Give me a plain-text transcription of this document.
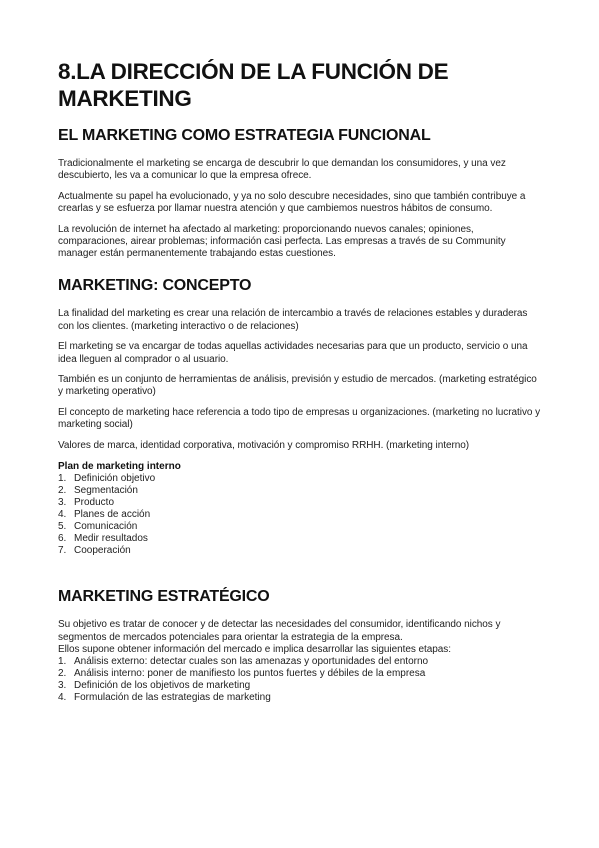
8.LA DIRECCIÓN DE LA FUNCIÓN DE MARKETING
EL MARKETING COMO ESTRATEGIA FUNCIONAL

Tradicionalmente el marketing se encarga de descubrir lo que demandan los consumidores, y una vez descubierto, les va a comunicar lo que la empresa ofrece.

Actualmente su papel ha evolucionado, y ya no solo descubre necesidades, sino que también contribuye a crearlas y se esfuerza por llamar nuestra atención y que cambiemos nuestros hábitos de consumo.

La revolución de internet ha afectado al marketing: proporcionando nuevos canales; opiniones, comparaciones, airear problemas; información casi perfecta. Las empresas a través de su Community manager están permanentemente trabajando estas cuestiones.

MARKETING: CONCEPTO

La finalidad del marketing es crear una relación de intercambio a través de relaciones estables y duraderas con los clientes. (marketing interactivo o de relaciones)

El marketing se va encargar de todas aquellas actividades necesarias para que un producto, servicio o una idea lleguen al comprador o al usuario.

También es un conjunto de herramientas de análisis, previsión y estudio de mercados. (marketing estratégico y marketing operativo)

El concepto de marketing hace referencia a todo tipo de empresas u organizaciones. (marketing no lucrativo y marketing social)

Valores de marca, identidad corporativa, motivación y compromiso RRHH. (marketing interno)

Plan de marketing interno
1. Definición objetivo
2. Segmentación
3. Producto
4. Planes de acción
5. Comunicación
6. Medir resultados
7. Cooperación
MARKETING ESTRATÉGICO

Su objetivo es tratar de conocer y de detectar las necesidades del consumidor, identificando nichos y segmentos de mercados potenciales para orientar la estrategia de la empresa.

Ellos supone obtener información del mercado e implica desarrollar las siguientes etapas:

1. Análisis externo: detectar cuales son las amenazas y oportunidades del entorno
2. Análisis interno: poner de manifiesto los puntos fuertes y débiles de la empresa
3. Definición de los objetivos de marketing
4. Formulación de las estrategias de marketing
